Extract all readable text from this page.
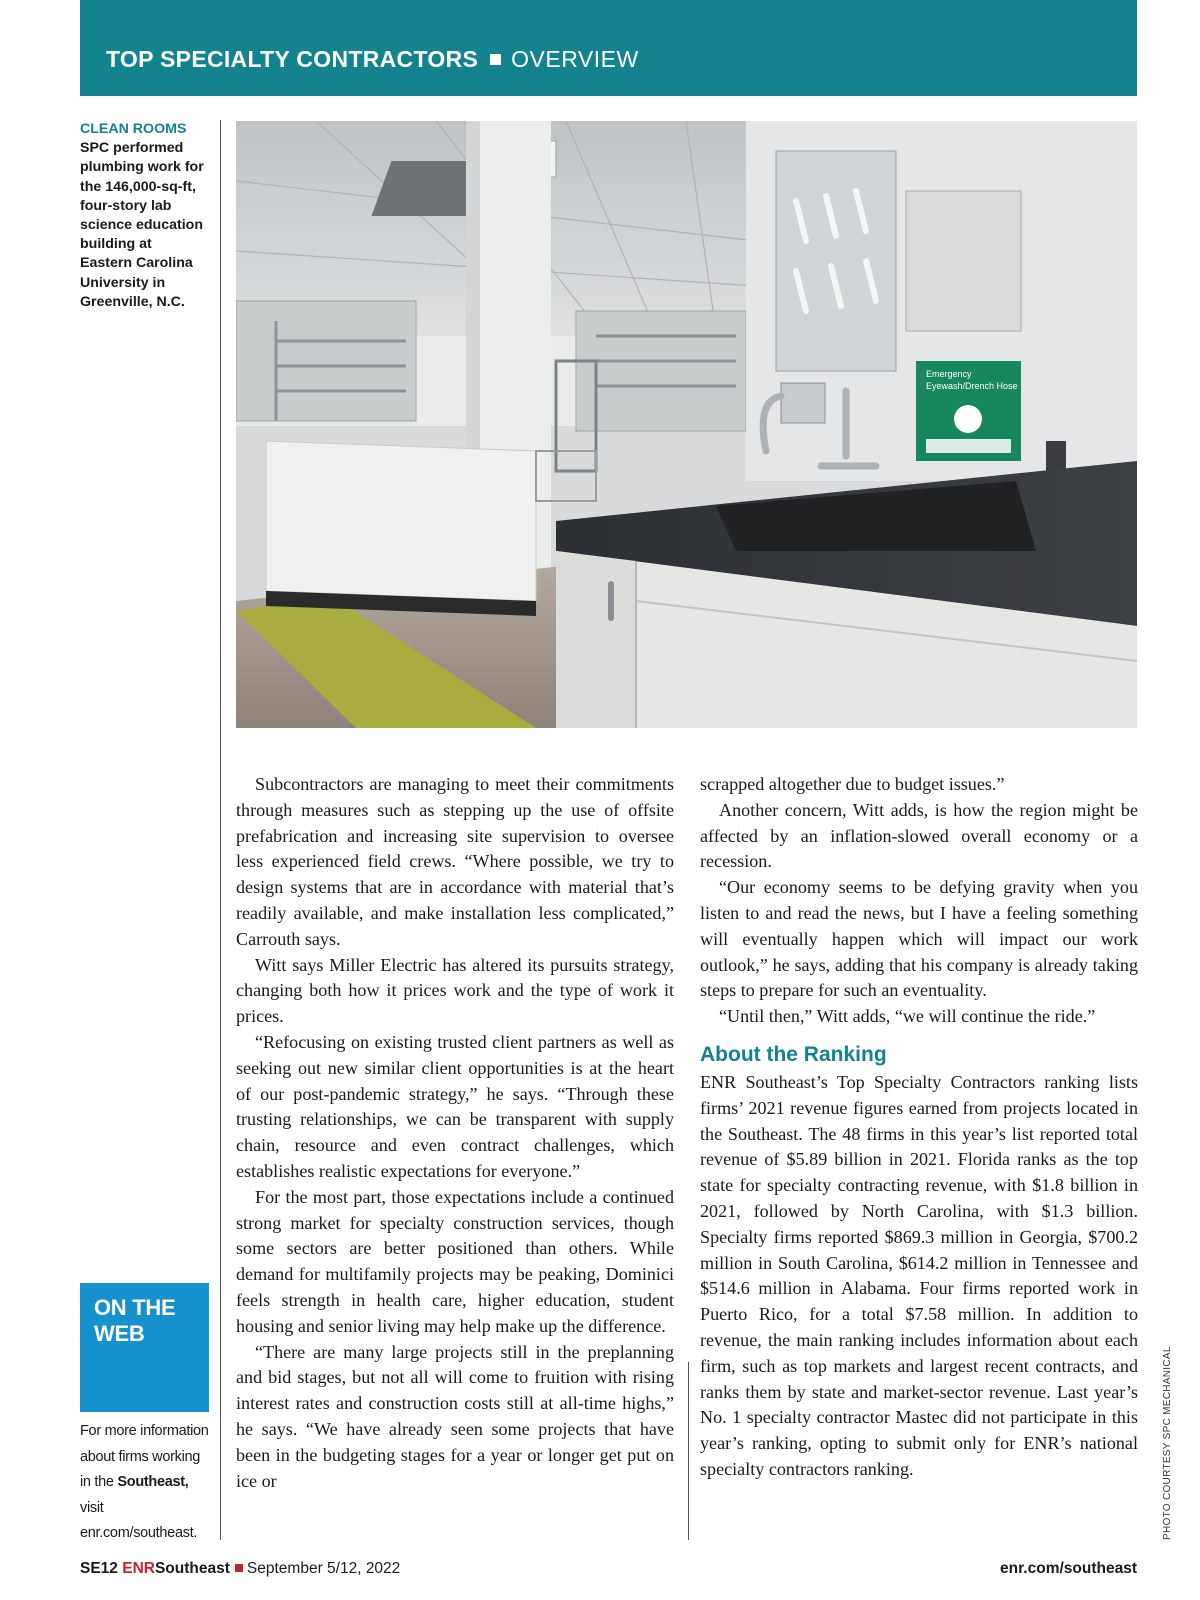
TOP SPECIALTY CONTRACTORS OVERVIEW
CLEAN ROOMS
SPC performed plumbing work for the 146,000-sq-ft, four-story lab science education building at Eastern Carolina University in Greenville, N.C.
Emergency
Eyewash/Drench Hose
PHOTO COURTESY SPC MECHANICAL

Subcontractors are managing to meet their commitments through measures such as stepping up the use of offsite prefabrication and increasing site supervision to oversee less experienced field crews. “Where possible, we try to design systems that are in accordance with material that’s readily available, and make installation less complicated,” Carrouth says.

Witt says Miller Electric has altered its pursuits strategy, changing both how it prices work and the type of work it prices.

“Refocusing on existing trusted client partners as well as seeking out new similar client opportunities is at the heart of our post-pandemic strategy,” he says. “Through these trusting relationships, we can be transparent with supply chain, resource and even contract challenges, which establishes realistic expectations for everyone.”

For the most part, those expectations include a continued strong market for specialty construction services, though some sectors are better positioned than others. While demand for multifamily projects may be peaking, Dominici feels strength in health care, higher education, student housing and senior living may help make up the difference.

“There are many large projects still in the preplanning and bid stages, but not all will come to fruition with rising interest rates and construction costs still at all-time highs,” he says. “We have already seen some projects that have been in the budgeting stages for a year or longer get put on ice or

scrapped altogether due to budget issues.”

Another concern, Witt adds, is how the region might be affected by an inflation-slowed overall economy or a recession.

“Our economy seems to be defying gravity when you listen to and read the news, but I have a feeling something will eventually happen which will impact our work outlook,” he says, adding that his company is already taking steps to prepare for such an eventuality.

“Until then,” Witt adds, “we will continue the ride.”

About the Ranking

ENR Southeast’s Top Specialty Contractors ranking lists firms’ 2021 revenue figures earned from projects located in the Southeast. The 48 firms in this year’s list reported total revenue of $5.89 billion in 2021. Florida ranks as the top state for specialty contracting revenue, with $1.8 billion in 2021, followed by North Carolina, with $1.3 billion. Specialty firms reported $869.3 million in Georgia, $700.2 million in South Carolina, $614.2 million in Tennessee and $514.6 million in Alabama. Four firms reported work in Puerto Rico, for a total $7.58 million. In addition to revenue, the main ranking includes information about each firm, such as top markets and largest recent contracts, and ranks them by state and market-sector revenue. Last year’s No. 1 specialty contractor Mastec did not participate in this year’s ranking, opting to submit only for ENR’s national specialty contractors ranking.

ON THE
WEB
For more information about firms working in the Southeast, visit enr.com/southeast.
SE12 ENRSoutheast September 5/12, 2022	enr.com/southeast
